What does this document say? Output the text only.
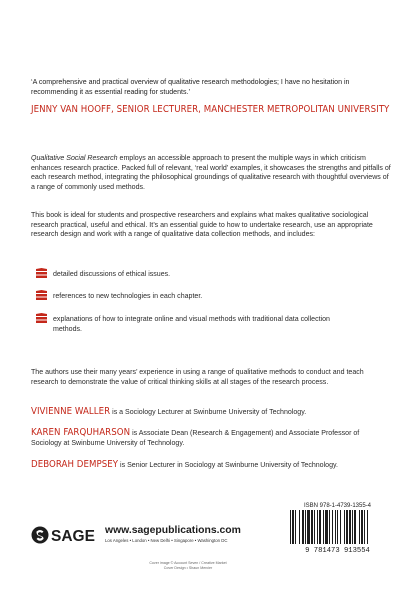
‘A comprehensive and practical overview of qualitative research methodologies; I have no hesitation in recommending it as essential reading for students.’
JENNY VAN HOOFF, SENIOR LECTURER, MANCHESTER METROPOLITAN UNIVERSITY
Qualitative Social Research employs an accessible approach to present the multiple ways in which criticism enhances research practice. Packed full of relevant, ‘real world’ examples, it showcases the strengths and pitfalls of each research method, integrating the philosophical groundings of qualitative research with thoughtful overviews of a range of commonly used methods.
This book is ideal for students and prospective researchers and explains what makes qualitative sociological research practical, useful and ethical. It’s an essential guide to how to undertake research, use an appropriate research design and work with a range of qualitative data collection methods, and includes:
detailed discussions of ethical issues.
references to new technologies in each chapter.
explanations of how to integrate online and visual methods with traditional data collection methods.
The authors use their many years’ experience in using a range of qualitative methods to conduct and teach research to demonstrate the value of critical thinking skills at all stages of the research process.
VIVIENNE WALLER is a Sociology Lecturer at Swinburne University of Technology.
KAREN FARQUHARSON is Associate Dean (Research & Engagement) and Associate Professor of Sociology at Swinburne University of Technology.
DEBORAH DEMPSEY is Senior Lecturer in Sociology at Swinburne University of Technology.
SAGE www.sagepublications.com
Los Angeles • London • New Delhi • Singapore • Washington DC
Cover image © Account Seven / Creative Market
Cover Design • Shaun Mercier
ISBN 978-1-4739-1355-4
9 781473 913554
